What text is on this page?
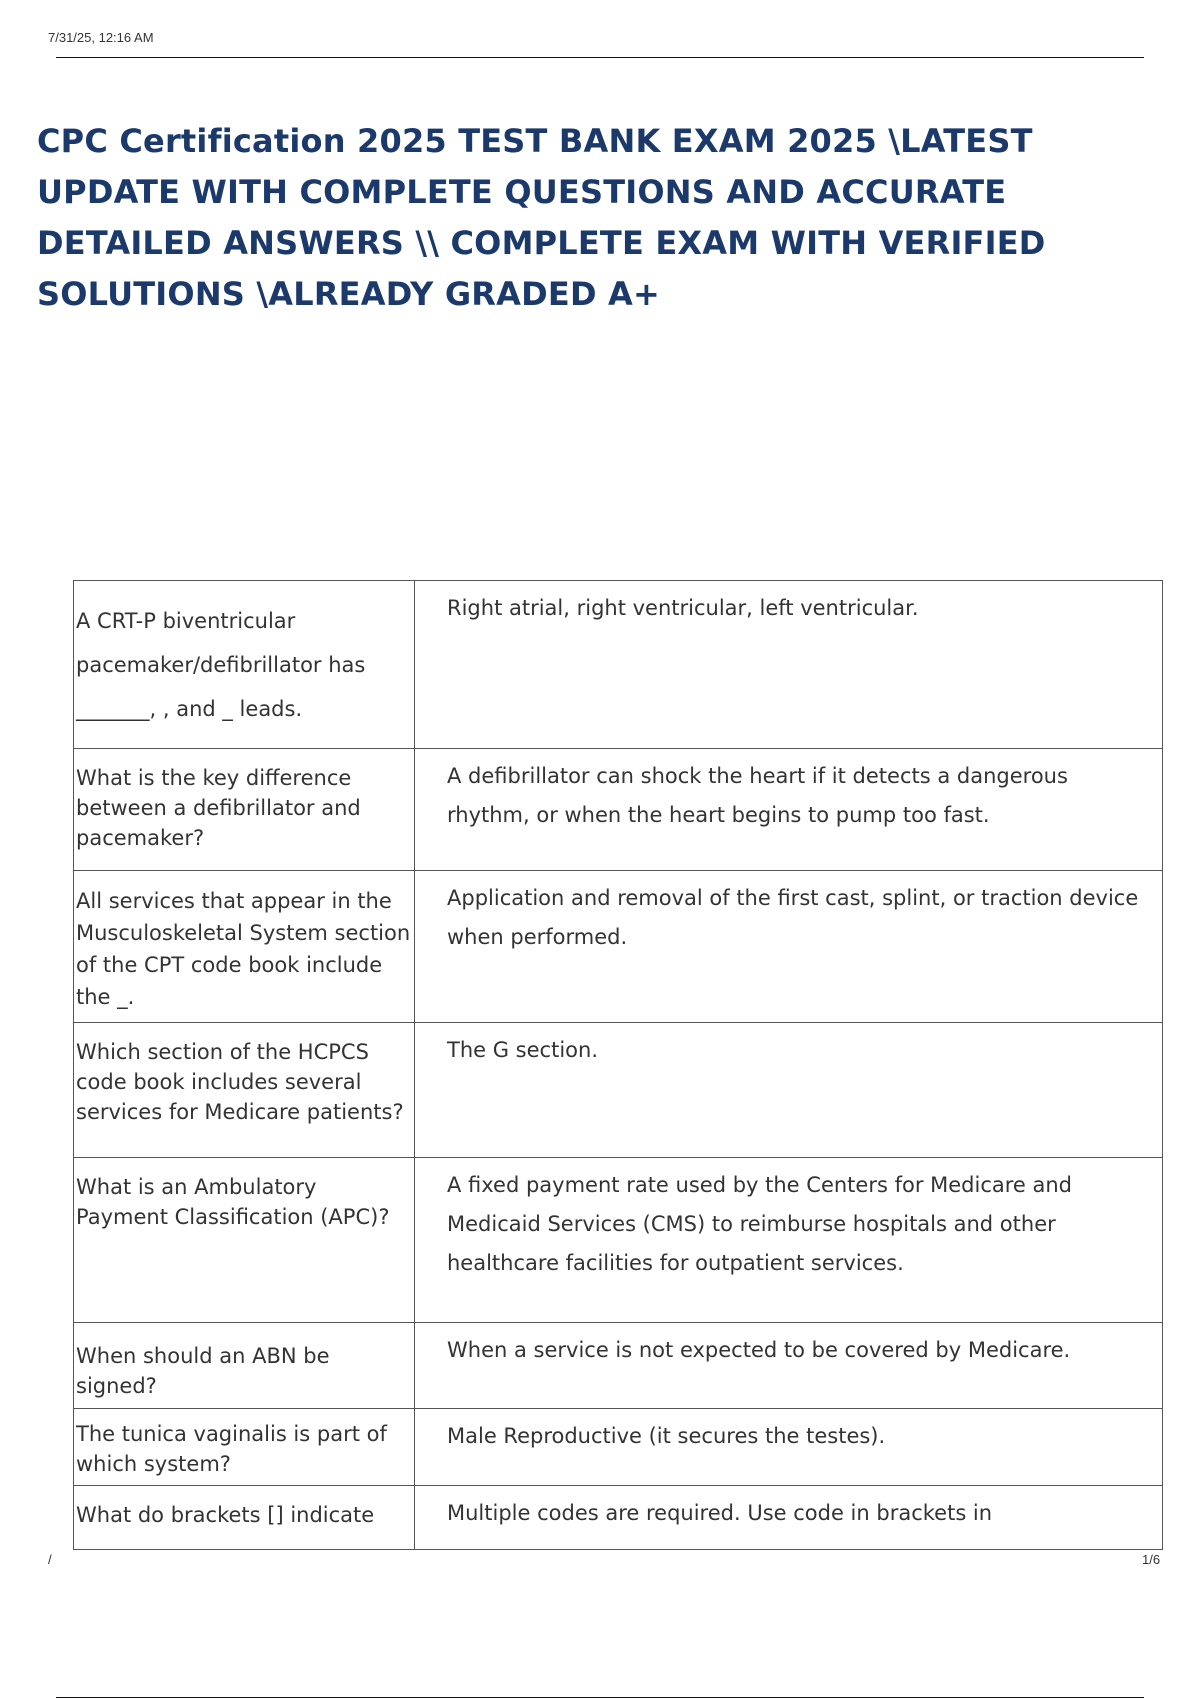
7/31/25, 12:16 AM
CPC Certification 2025 TEST BANK EXAM 2025 \LATEST UPDATE WITH COMPLETE QUESTIONS AND ACCURATE DETAILED ANSWERS \\ COMPLETE EXAM WITH VERIFIED SOLUTIONS \ALREADY GRADED A+
A CRT-P biventricular pacemaker/defibrillator has _______, , and _ leads.	Right atrial, right ventricular, left ventricular.

What is the key difference between a defibrillator and pacemaker?	A defibrillator can shock the heart if it detects a dangerous rhythm, or when the heart begins to pump too fast.

All services that appear in the Musculoskeletal System section of the CPT code book include the _.	Application and removal of the first cast, splint, or traction device when performed.

Which section of the HCPCS code book includes several services for Medicare patients?	The G section.

What is an Ambulatory Payment Classification (APC)?	A fixed payment rate used by the Centers for Medicare and Medicaid Services (CMS) to reimburse hospitals and other healthcare facilities for outpatient services.

When should an ABN be signed?	When a service is not expected to be covered by Medicare.

The tunica vaginalis is part of which system?	Male Reproductive (it secures the testes).

What do brackets [] indicate	Multiple codes are required. Use code in brackets in
/	1/6
